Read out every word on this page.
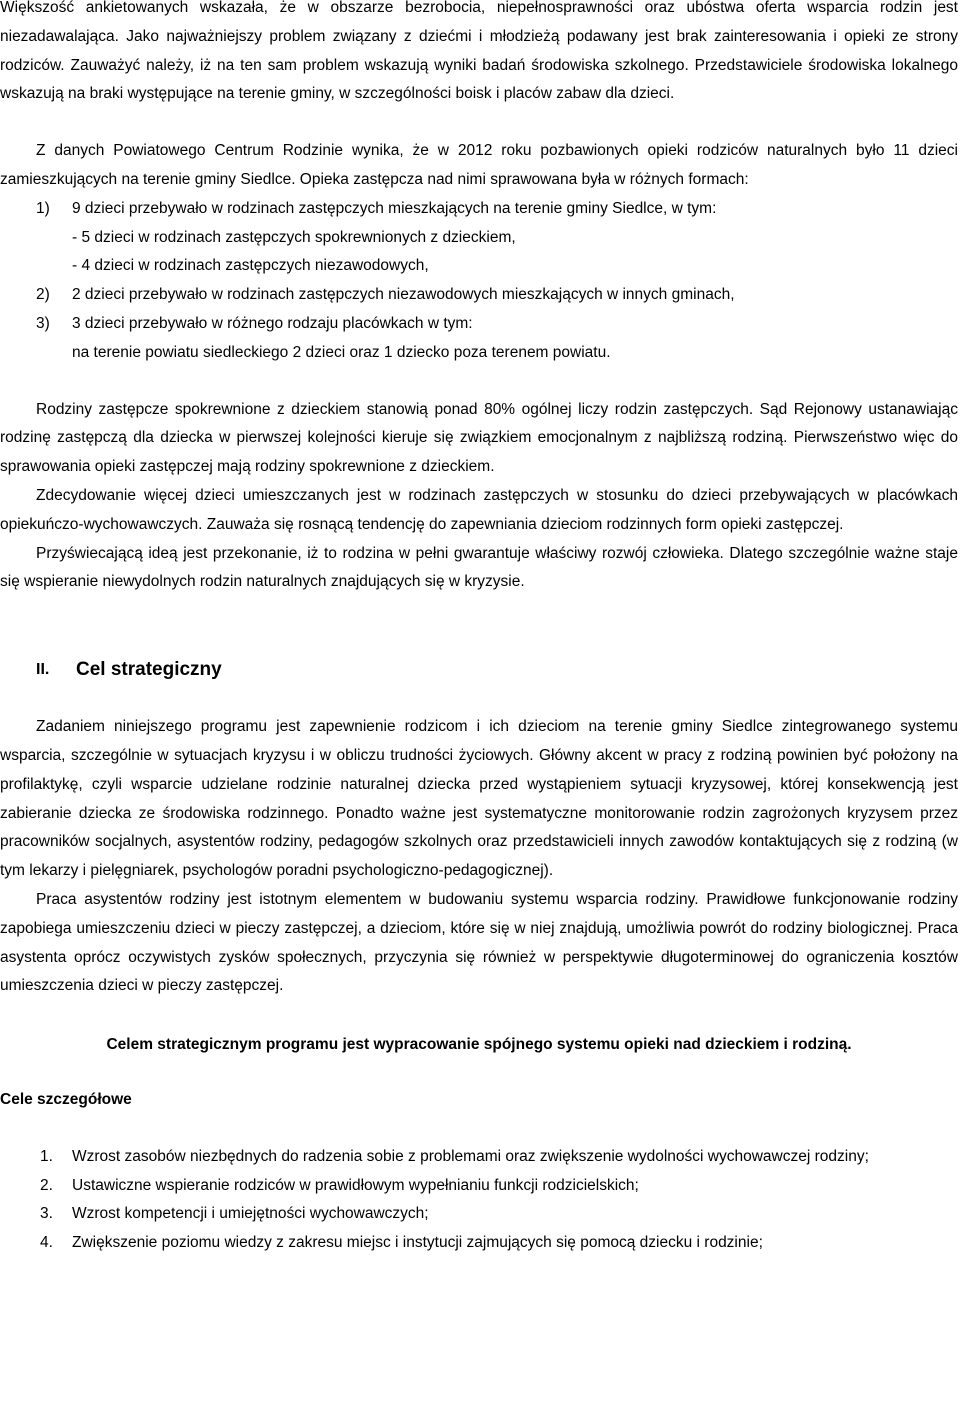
Większość ankietowanych wskazała, że w obszarze bezrobocia, niepełnosprawności oraz ubóstwa oferta wsparcia rodzin jest niezadawalająca. Jako najważniejszy problem związany z dziećmi i młodzieżą podawany jest brak zainteresowania i opieki ze strony rodziców. Zauważyć należy, iż na ten sam problem wskazują wyniki badań środowiska szkolnego. Przedstawiciele środowiska lokalnego wskazują na braki występujące na terenie gminy, w szczególności boisk i placów zabaw dla dzieci.

Z danych Powiatowego Centrum Rodzinie wynika, że w 2012 roku pozbawionych opieki rodziców naturalnych było 11 dzieci zamieszkujących na terenie gminy Siedlce. Opieka zastępcza nad nimi sprawowana była w różnych formach:

1)	9 dzieci przebywało w rodzinach zastępczych mieszkających na terenie gminy Siedlce, w tym:
- 5 dzieci w rodzinach zastępczych spokrewnionych z dzieckiem,
- 4 dzieci w rodzinach zastępczych niezawodowych,
2)	2 dzieci przebywało w rodzinach zastępczych niezawodowych mieszkających w innych gminach,
3)	3 dzieci przebywało w różnego rodzaju placówkach w tym:
na terenie powiatu siedleckiego 2 dzieci oraz 1 dziecko poza terenem powiatu.

Rodziny zastępcze spokrewnione z dzieckiem stanowią ponad 80% ogólnej liczy rodzin zastępczych. Sąd Rejonowy ustanawiając rodzinę zastępczą dla dziecka w pierwszej kolejności kieruje się związkiem emocjonalnym z najbliższą rodziną. Pierwszeństwo więc do sprawowania opieki zastępczej mają rodziny spokrewnione z dzieckiem.

Zdecydowanie więcej dzieci umieszczanych jest w rodzinach zastępczych w stosunku do dzieci przebywających w placówkach opiekuńczo-wychowawczych. Zauważa się rosnącą tendencję do zapewniania dzieciom rodzinnych form opieki zastępczej.

Przyświecającą ideą jest przekonanie, iż to rodzina w pełni gwarantuje właściwy rozwój człowieka. Dlatego szczególnie ważne staje się wspieranie niewydolnych rodzin naturalnych znajdujących się w kryzysie.

II.	Cel strategiczny

Zadaniem niniejszego programu jest zapewnienie rodzicom i ich dzieciom na terenie gminy Siedlce zintegrowanego systemu wsparcia, szczególnie w sytuacjach kryzysu i w obliczu trudności życiowych. Główny akcent w pracy z rodziną powinien być położony na profilaktykę, czyli wsparcie udzielane rodzinie naturalnej dziecka przed wystąpieniem sytuacji kryzysowej, której konsekwencją jest zabieranie dziecka ze środowiska rodzinnego. Ponadto ważne jest systematyczne monitorowanie rodzin zagrożonych kryzysem przez pracowników socjalnych, asystentów rodziny, pedagogów szkolnych oraz przedstawicieli innych zawodów kontaktujących się z rodziną (w tym lekarzy i pielęgniarek, psychologów poradni psychologiczno-pedagogicznej).

Praca asystentów rodziny jest istotnym elementem w budowaniu systemu wsparcia rodziny. Prawidłowe funkcjonowanie rodziny zapobiega umieszczeniu dzieci w pieczy zastępczej, a dzieciom, które się w niej znajdują, umożliwia powrót do rodziny biologicznej. Praca asystenta oprócz oczywistych zysków społecznych, przyczynia się również w perspektywie długoterminowej do ograniczenia kosztów umieszczenia dzieci w pieczy zastępczej.

Celem strategicznym programu jest wypracowanie spójnego systemu opieki nad dzieckiem i rodziną.
Cele szczegółowe
1.	Wzrost zasobów niezbędnych do radzenia sobie z problemami oraz zwiększenie wydolności wychowawczej rodziny;
2.	Ustawiczne wspieranie rodziców w prawidłowym wypełnianiu funkcji rodzicielskich;
3.	Wzrost kompetencji i umiejętności wychowawczych;
4.	Zwiększenie poziomu wiedzy z zakresu miejsc i instytucji zajmujących się pomocą dziecku i rodzinie;
